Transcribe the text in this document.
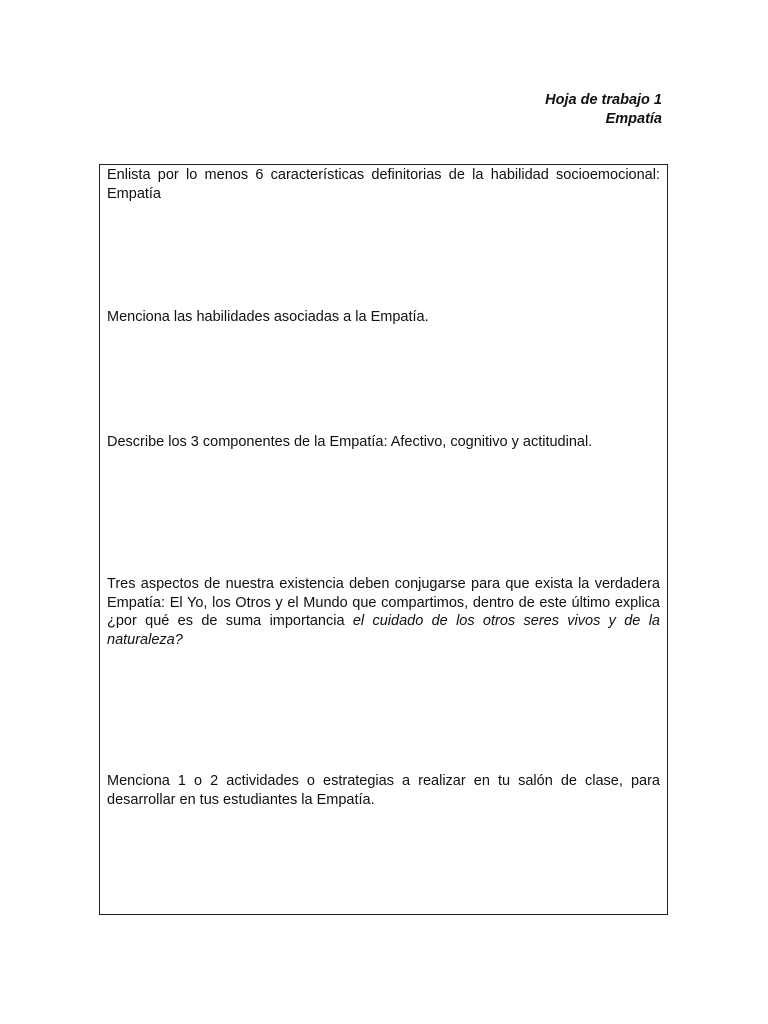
Hoja de trabajo 1
Empatía
Enlista por lo menos 6 características definitorias de la habilidad socioemocional: Empatía
Menciona las habilidades asociadas a la Empatía.
Describe los 3 componentes de la Empatía: Afectivo, cognitivo y actitudinal.
Tres aspectos de nuestra existencia deben conjugarse para que exista la verdadera Empatía: El Yo, los Otros y el Mundo que compartimos, dentro de este último explica ¿por qué es de suma importancia el cuidado de los otros seres vivos y de la naturaleza?
Menciona 1 o 2 actividades o estrategias a realizar en tu salón de clase, para desarrollar en tus estudiantes la Empatía.
